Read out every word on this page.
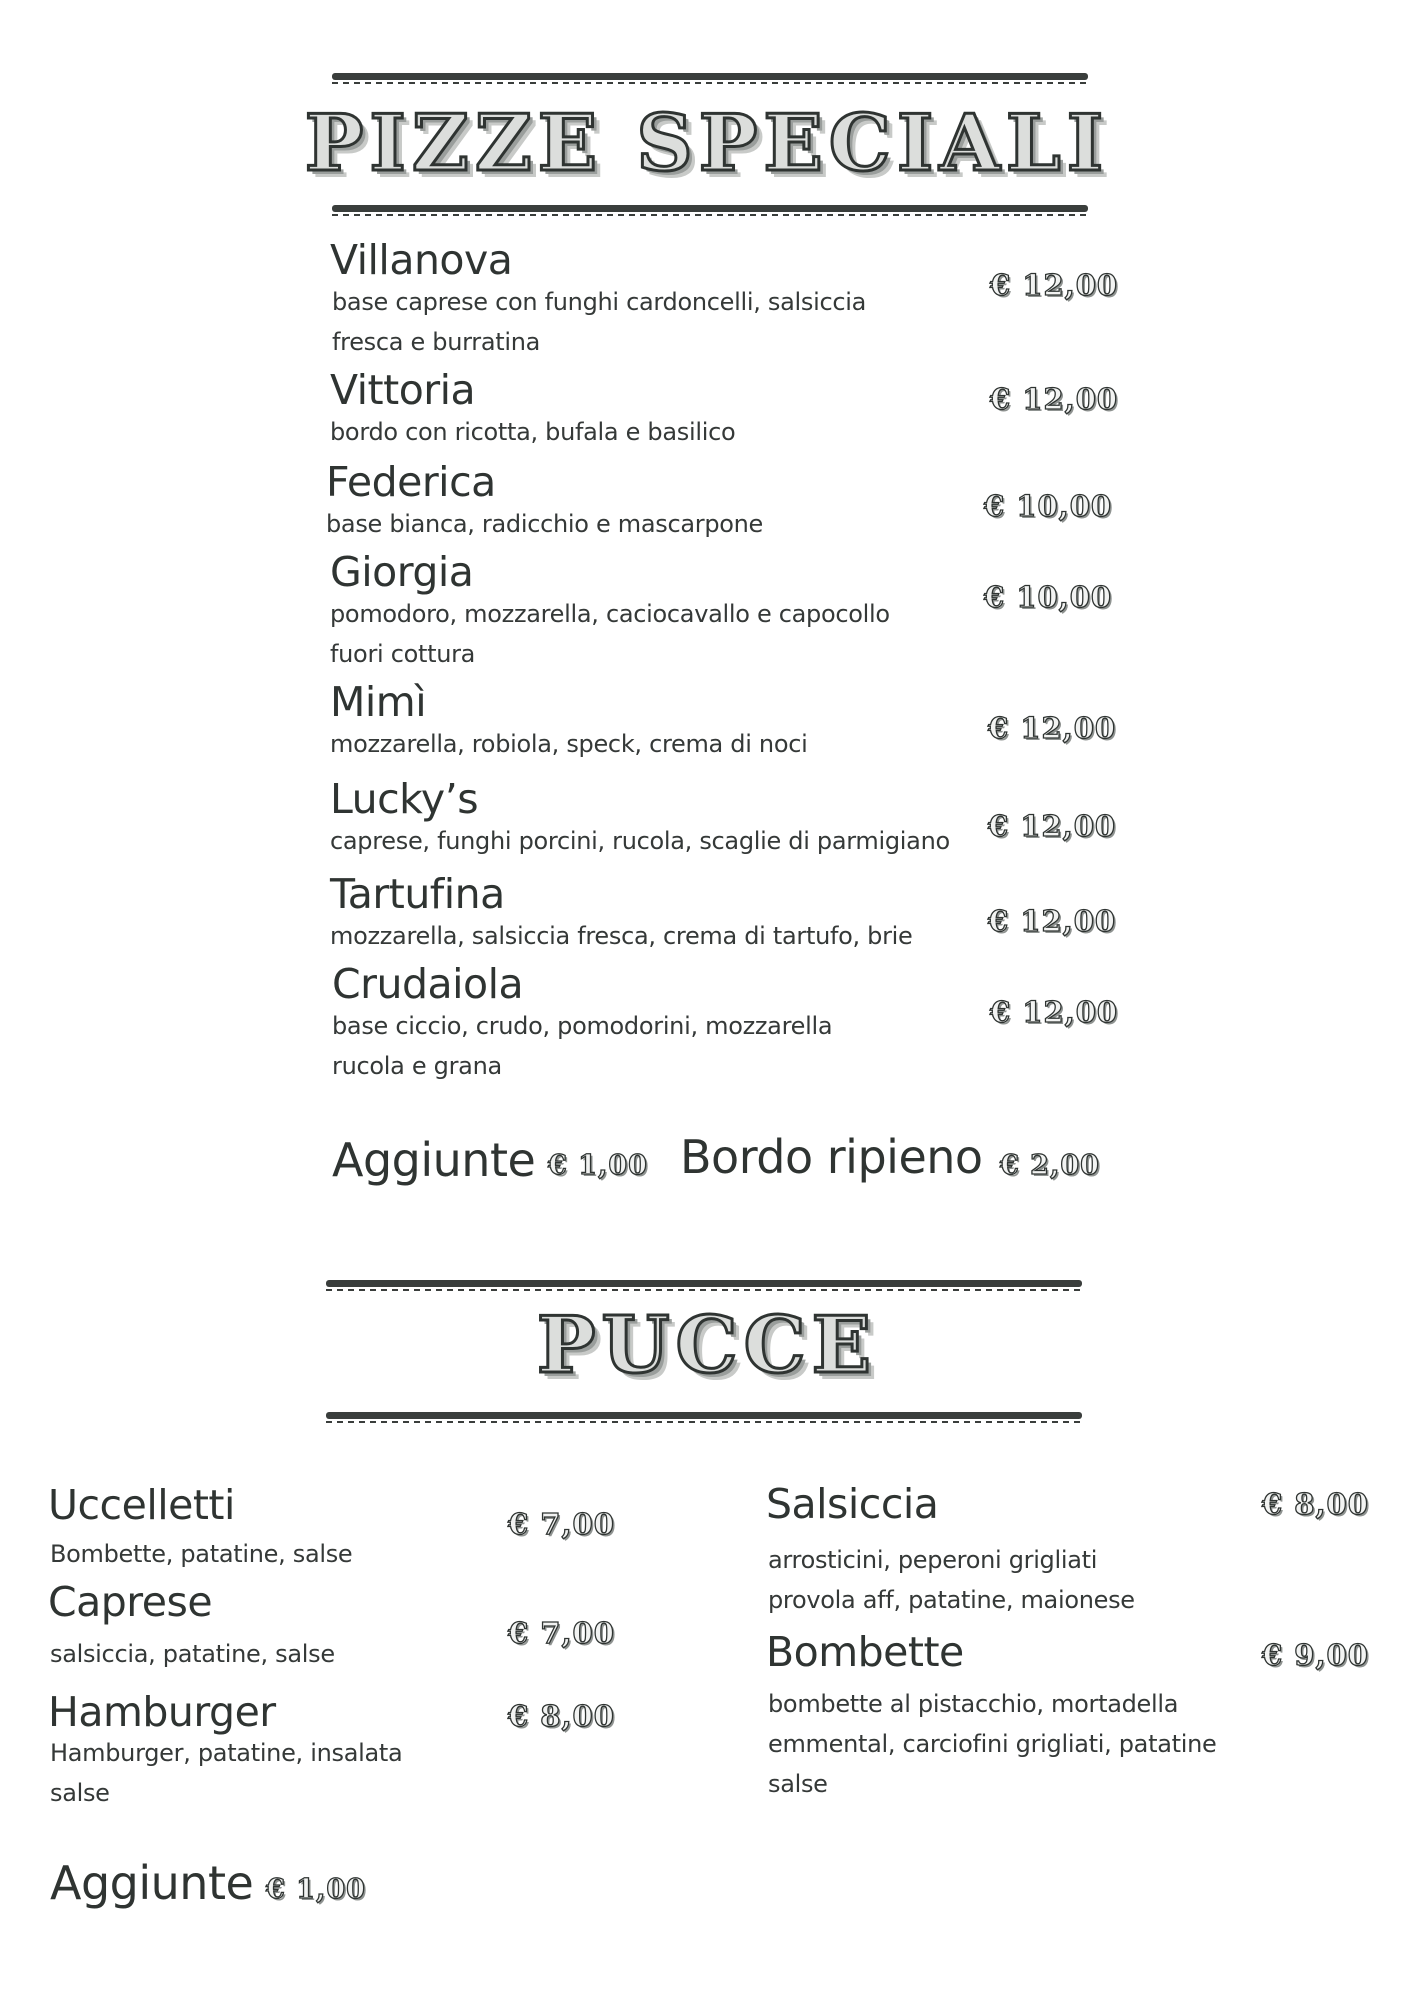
PIZZE SPECIALI
Villanova
base caprese con funghi cardoncelli, salsiccia
fresca e burratina
€ 12,00
Vittoria
bordo con ricotta, bufala e basilico
€ 12,00
Federica
base bianca, radicchio e mascarpone
€ 10,00
Giorgia
pomodoro, mozzarella, caciocavallo e capocollo
fuori cottura
€ 10,00
Mimì
mozzarella, robiola, speck, crema di noci	€ 12,00
Lucky’s
caprese, funghi porcini, rucola, scaglie di parmigiano € 12,00
Tartufina
mozzarella, salsiccia fresca, crema di tartufo, brie	€ 12,00
Crudaiola
base ciccio, crudo, pomodorini, mozzarella
rucola e grana
€ 12,00
Aggiunte € 1,00 Bordo ripieno € 2,00
PUCCE
Uccelletti
Bombette, patatine, salse
€ 7,00
Caprese
salsiccia, patatine, salse
€ 7,00
Hamburger
Hamburger, patatine, insalata
salse
€ 8,00
Salsiccia
arrosticini, peperoni grigliati
provola aff, patatine, maionese
€ 8,00
Bombette
bombette al pistacchio, mortadella
emmental, carciofini grigliati, patatine
salse
€ 9,00
Aggiunte € 1,00
